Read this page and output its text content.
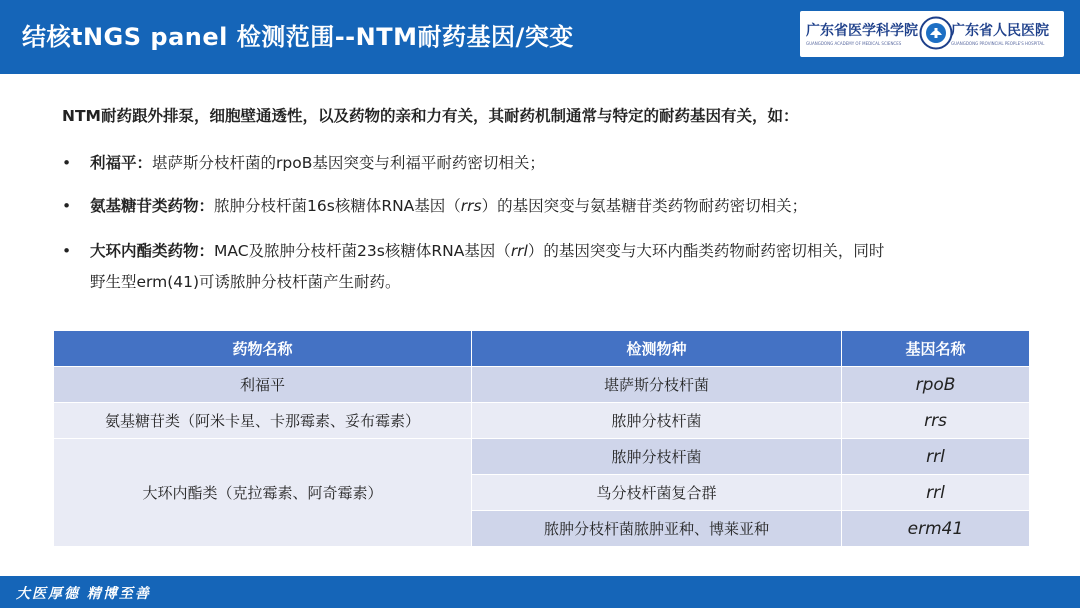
结核tNGS panel 检测范围--NTM耐药基因/突变	广东省医学科学院
GUANGDONG ACADEMY OF MEDICAL SCIENCES
广东省人民医院
GUANGDONG PROVINCIAL PEOPLE'S HOSPITAL
NTM耐药跟外排泵，细胞壁通透性，以及药物的亲和力有关，其耐药机制通常与特定的耐药基因有关，如：
• 利福平：堪萨斯分枝杆菌的rpoB基因突变与利福平耐药密切相关；
• 氨基糖苷类药物：脓肿分枝杆菌16s核糖体RNA基因（rrs）的基因突变与氨基糖苷类药物耐药密切相关；
• 大环内酯类药物：MAC及脓肿分枝杆菌23s核糖体RNA基因（rrl）的基因突变与大环内酯类药物耐药密切相关，同时
野生型erm(41)可诱脓肿分枝杆菌产生耐药。
药物名称	检测物种	基因名称
利福平	堪萨斯分枝杆菌	rpoB
氨基糖苷类（阿米卡星、卡那霉素、妥布霉素）	脓肿分枝杆菌	rrs
大环内酯类（克拉霉素、阿奇霉素）	脓肿分枝杆菌	rrl
	鸟分枝杆菌复合群	rrl
	脓肿分枝杆菌脓肿亚种、博莱亚种	erm41
大医厚德 精博至善
